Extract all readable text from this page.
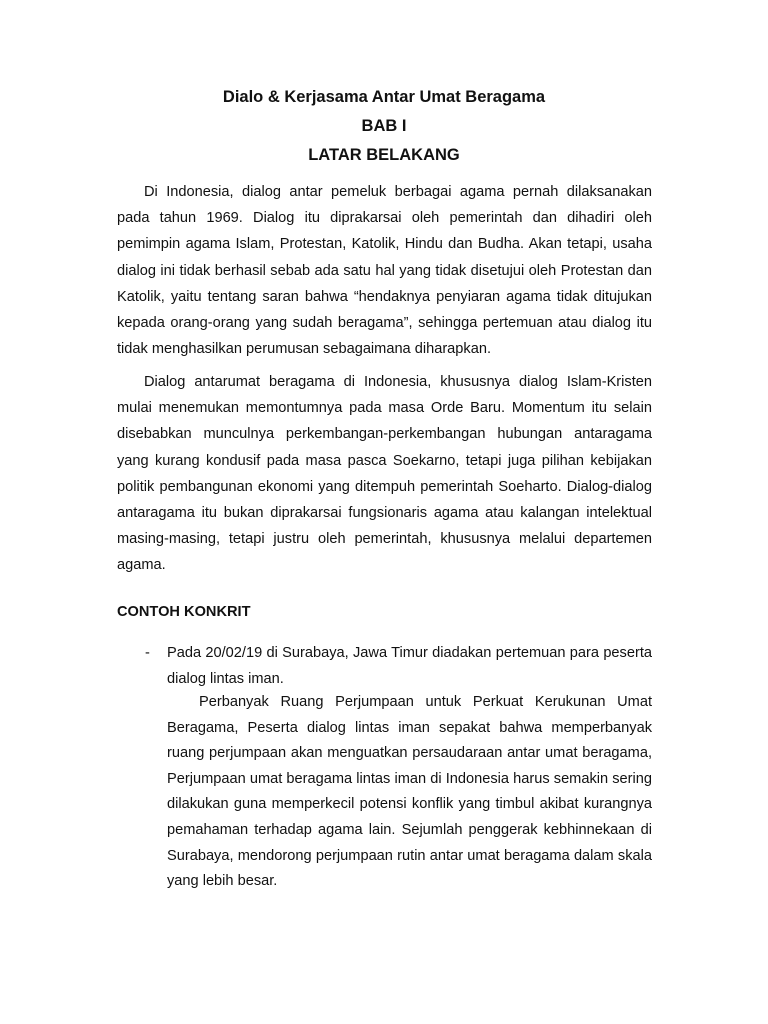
Dialo & Kerjasama Antar Umat Beragama
BAB I
LATAR BELAKANG

Di Indonesia, dialog antar pemeluk berbagai agama pernah dilaksanakan pada tahun 1969. Dialog itu diprakarsai oleh pemerintah dan dihadiri oleh pemimpin agama Islam, Protestan, Katolik, Hindu dan Budha. Akan tetapi, usaha dialog ini tidak berhasil sebab ada satu hal yang tidak disetujui oleh Protestan dan Katolik, yaitu tentang saran bahwa “hendaknya penyiaran agama tidak ditujukan kepada orang-orang yang sudah beragama”, sehingga pertemuan atau dialog itu tidak menghasilkan perumusan sebagaimana diharapkan.

Dialog antarumat beragama di Indonesia, khususnya dialog Islam-Kristen mulai menemukan memontumnya pada masa Orde Baru. Momentum itu selain disebabkan munculnya perkembangan-perkembangan hubungan antaragama yang kurang kondusif pada masa pasca Soekarno, tetapi juga pilihan kebijakan politik pembangunan ekonomi yang ditempuh pemerintah Soeharto. Dialog-dialog antaragama itu bukan diprakarsai fungsionaris agama atau kalangan intelektual masing-masing, tetapi justru oleh pemerintah, khususnya melalui departemen agama.

CONTOH KONKRIT
- Pada 20/02/19 di Surabaya, Jawa Timur diadakan pertemuan para peserta dialog lintas iman.

Perbanyak Ruang Perjumpaan untuk Perkuat Kerukunan Umat Beragama, Peserta dialog lintas iman sepakat bahwa memperbanyak ruang perjumpaan akan menguatkan persaudaraan antar umat beragama, Perjumpaan umat beragama lintas iman di Indonesia harus semakin sering dilakukan guna memperkecil potensi konflik yang timbul akibat kurangnya pemahaman terhadap agama lain. Sejumlah penggerak kebhinnekaan di Surabaya, mendorong perjumpaan rutin antar umat beragama dalam skala yang lebih besar.
